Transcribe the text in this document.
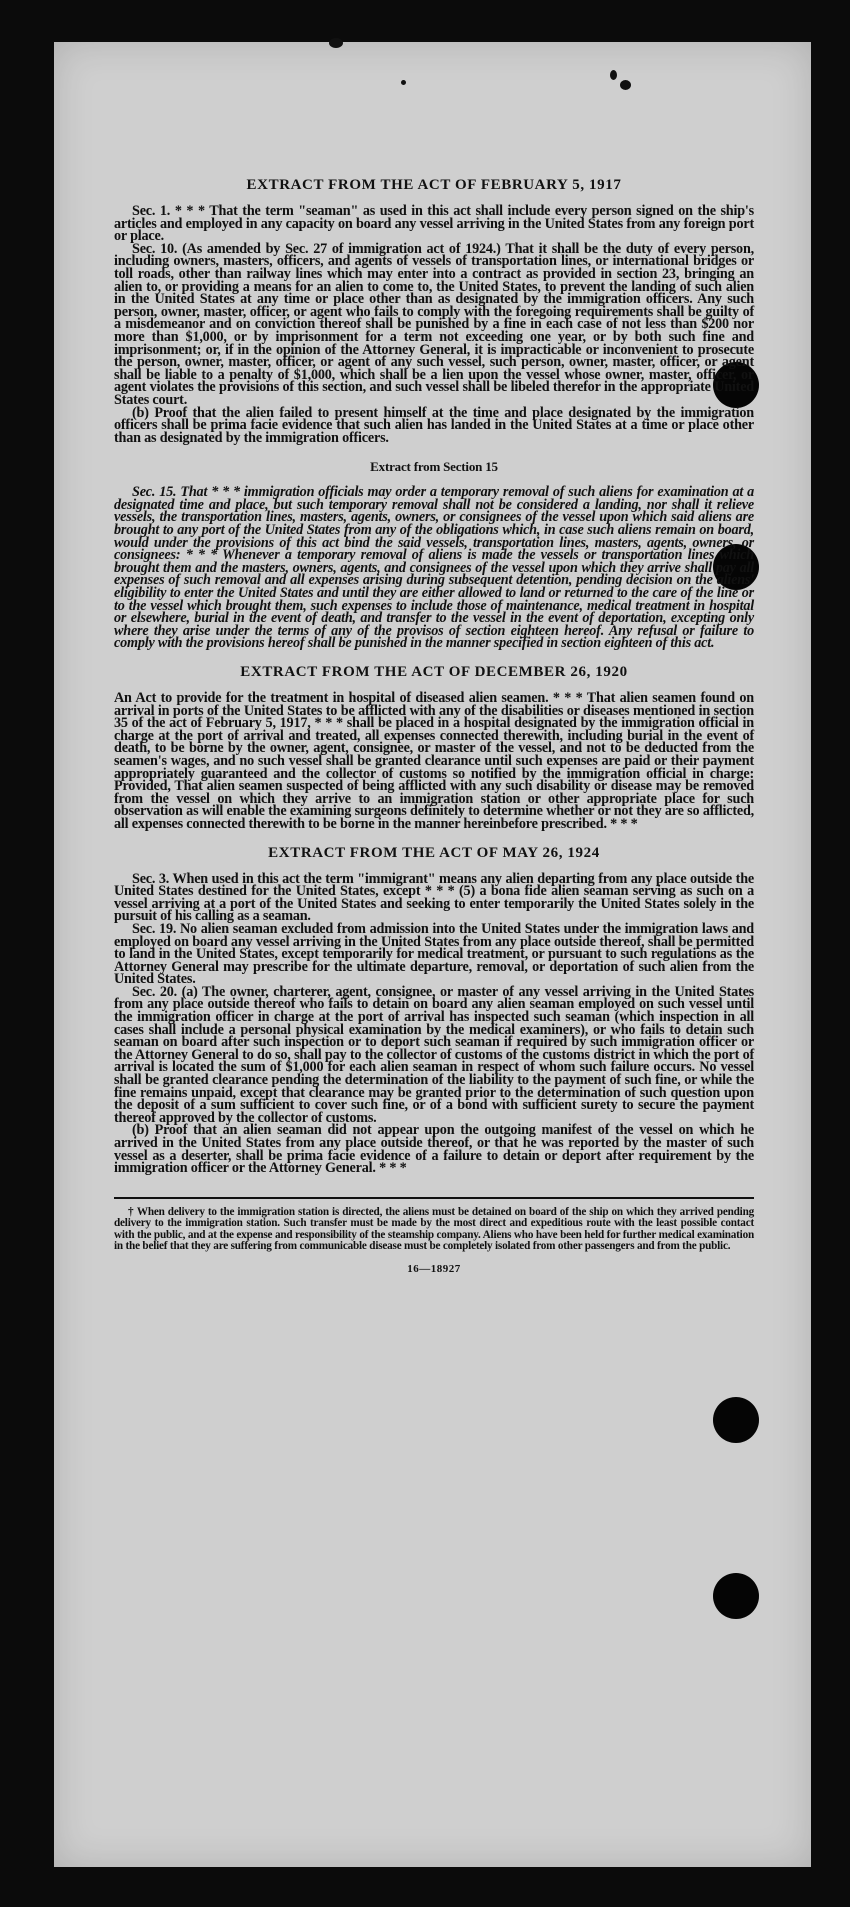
EXTRACT FROM THE ACT OF FEBRUARY 5, 1917

Sec. 1. * * * That the term "seaman" as used in this act shall include every person signed on the ship's articles and employed in any capacity on board any vessel arriving in the United States from any foreign port or place.

Sec. 10. (As amended by Sec. 27 of immigration act of 1924.) That it shall be the duty of every person, including owners, masters, officers, and agents of vessels of transportation lines, or international bridges or toll roads, other than railway lines which may enter into a contract as provided in section 23, bringing an alien to, or providing a means for an alien to come to, the United States, to prevent the landing of such alien in the United States at any time or place other than as designated by the immigration officers. Any such person, owner, master, officer, or agent who fails to comply with the foregoing requirements shall be guilty of a misdemeanor and on conviction thereof shall be punished by a fine in each case of not less than $200 nor more than $1,000, or by imprisonment for a term not exceeding one year, or by both such fine and imprisonment; or, if in the opinion of the Attorney General, it is impracticable or inconvenient to prosecute the person, owner, master, officer, or agent of any such vessel, such person, owner, master, officer, or agent shall be liable to a penalty of $1,000, which shall be a lien upon the vessel whose owner, master, officer, or agent violates the provisions of this section, and such vessel shall be libeled therefor in the appropriate United States court.

(b) Proof that the alien failed to present himself at the time and place designated by the immigration officers shall be prima facie evidence that such alien has landed in the United States at a time or place other than as designated by the immigration officers.

Extract from Section 15

Sec. 15. That * * * immigration officials may order a temporary removal of such aliens for examination at a designated time and place, but such temporary removal shall not be considered a landing, nor shall it relieve vessels, the transportation lines, masters, agents, owners, or consignees of the vessel upon which said aliens are brought to any port of the United States from any of the obligations which, in case such aliens remain on board, would under the provisions of this act bind the said vessels, transportation lines, masters, agents, owners, or consignees: * * * Whenever a temporary removal of aliens is made the vessels or transportation lines which brought them and the masters, owners, agents, and consignees of the vessel upon which they arrive shall pay all expenses of such removal and all expenses arising during subsequent detention, pending decision on the aliens' eligibility to enter the United States and until they are either allowed to land or returned to the care of the line or to the vessel which brought them, such expenses to include those of maintenance, medical treatment in hospital or elsewhere, burial in the event of death, and transfer to the vessel in the event of deportation, excepting only where they arise under the terms of any of the provisos of section eighteen hereof. Any refusal or failure to comply with the provisions hereof shall be punished in the manner specified in section eighteen of this act.

EXTRACT FROM THE ACT OF DECEMBER 26, 1920

An Act to provide for the treatment in hospital of diseased alien seamen. * * * That alien seamen found on arrival in ports of the United States to be afflicted with any of the disabilities or diseases mentioned in section 35 of the act of February 5, 1917, * * * shall be placed in a hospital designated by the immigration official in charge at the port of arrival and treated, all expenses connected therewith, including burial in the event of death, to be borne by the owner, agent, consignee, or master of the vessel, and not to be deducted from the seamen's wages, and no such vessel shall be granted clearance until such expenses are paid or their payment appropriately guaranteed and the collector of customs so notified by the immigration official in charge: Provided, That alien seamen suspected of being afflicted with any such disability or disease may be removed from the vessel on which they arrive to an immigration station or other appropriate place for such observation as will enable the examining surgeons definitely to determine whether or not they are so afflicted, all expenses connected therewith to be borne in the manner hereinbefore prescribed. * * *

EXTRACT FROM THE ACT OF MAY 26, 1924

Sec. 3. When used in this act the term "immigrant" means any alien departing from any place outside the United States destined for the United States, except * * * (5) a bona fide alien seaman serving as such on a vessel arriving at a port of the United States and seeking to enter temporarily the United States solely in the pursuit of his calling as a seaman.

Sec. 19. No alien seaman excluded from admission into the United States under the immigration laws and employed on board any vessel arriving in the United States from any place outside thereof, shall be permitted to land in the United States, except temporarily for medical treatment, or pursuant to such regulations as the Attorney General may prescribe for the ultimate departure, removal, or deportation of such alien from the United States.

Sec. 20. (a) The owner, charterer, agent, consignee, or master of any vessel arriving in the United States from any place outside thereof who fails to detain on board any alien seaman employed on such vessel until the immigration officer in charge at the port of arrival has inspected such seaman (which inspection in all cases shall include a personal physical examination by the medical examiners), or who fails to detain such seaman on board after such inspection or to deport such seaman if required by such immigration officer or the Attorney General to do so, shall pay to the collector of customs of the customs district in which the port of arrival is located the sum of $1,000 for each alien seaman in respect of whom such failure occurs. No vessel shall be granted clearance pending the determination of the liability to the payment of such fine, or while the fine remains unpaid, except that clearance may be granted prior to the determination of such question upon the deposit of a sum sufficient to cover such fine, or of a bond with sufficient surety to secure the payment thereof approved by the collector of customs.

(b) Proof that an alien seaman did not appear upon the outgoing manifest of the vessel on which he arrived in the United States from any place outside thereof, or that he was reported by the master of such vessel as a deserter, shall be prima facie evidence of a failure to detain or deport after requirement by the immigration officer or the Attorney General. * * *

† When delivery to the immigration station is directed, the aliens must be detained on board of the ship on which they arrived pending delivery to the immigration station. Such transfer must be made by the most direct and expeditious route with the least possible contact with the public, and at the expense and responsibility of the steamship company. Aliens who have been held for further medical examination in the belief that they are suffering from communicable disease must be completely isolated from other passengers and from the public.
16—18927
